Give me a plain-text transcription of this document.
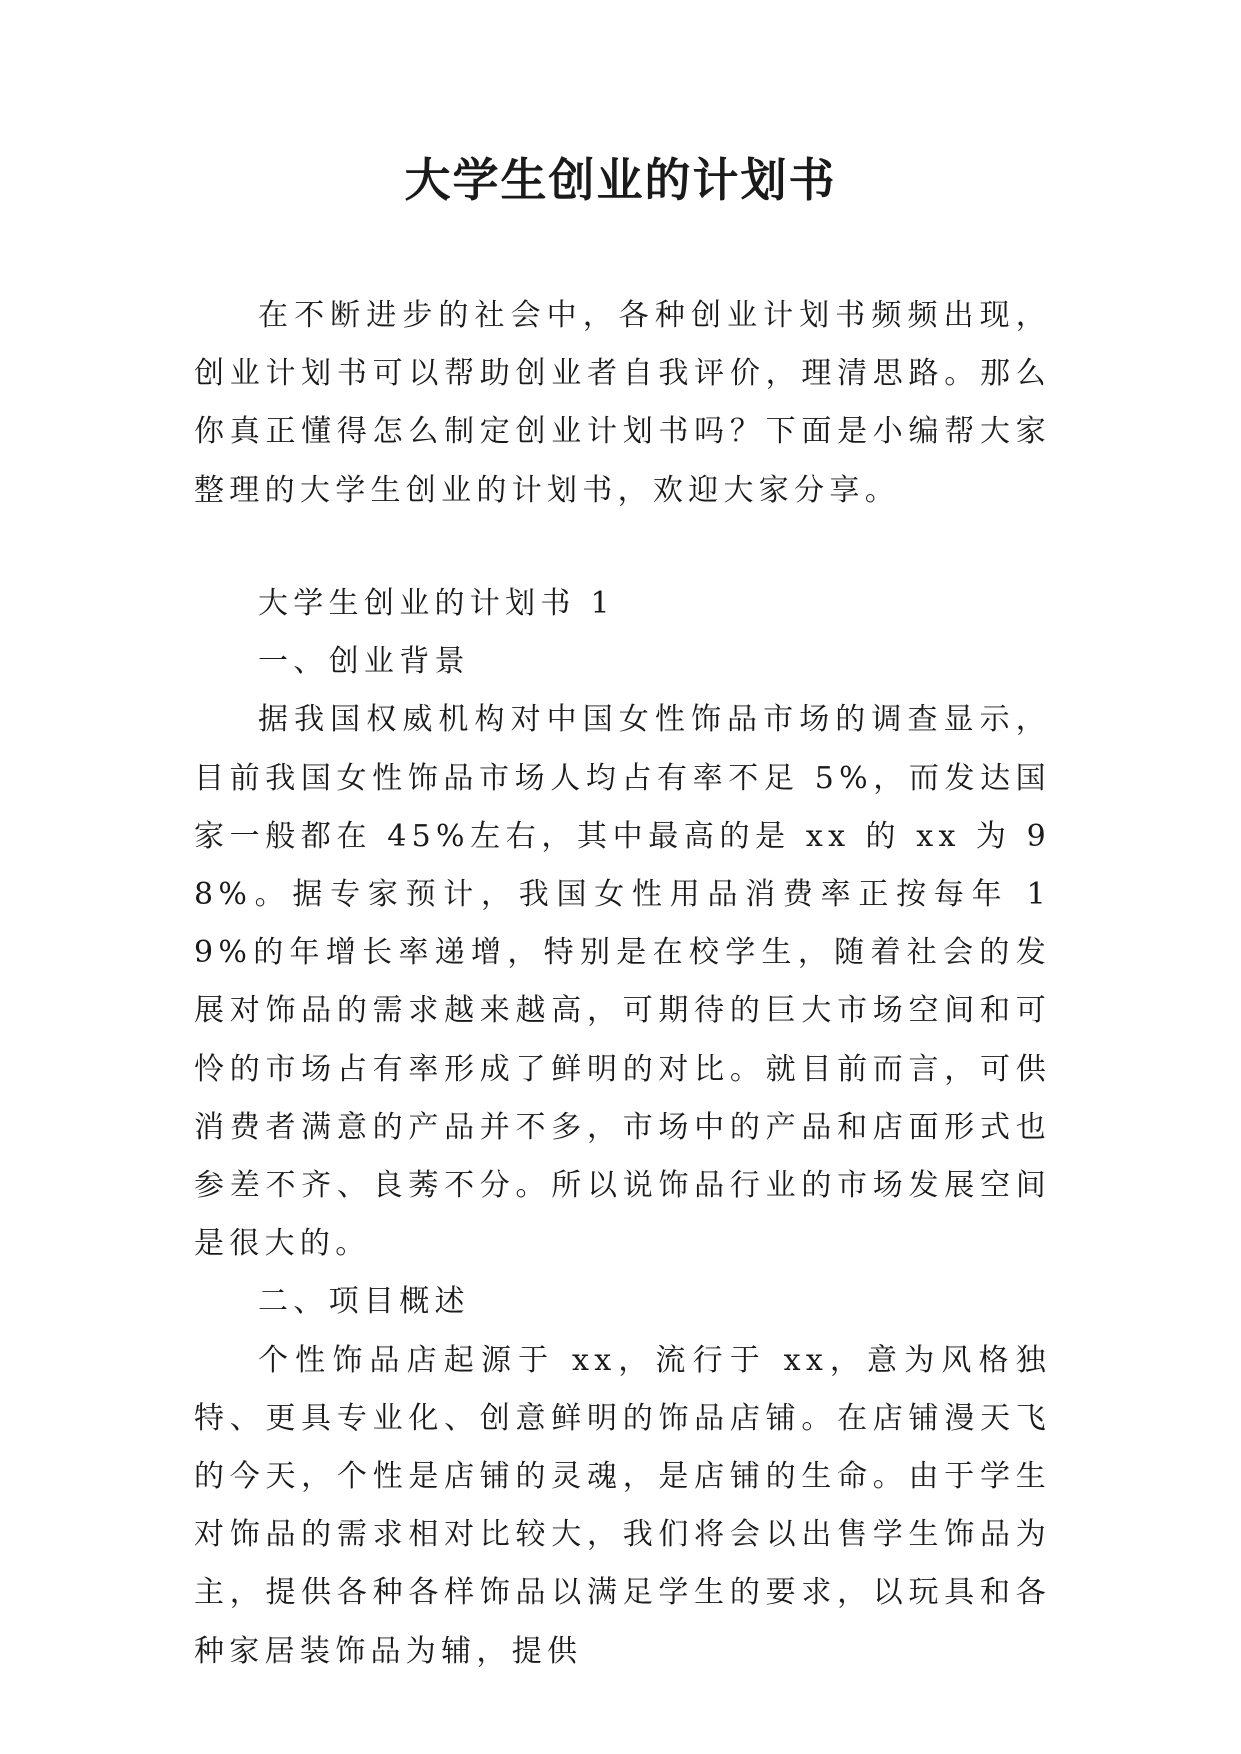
大学生创业的计划书

在不断进步的社会中，各种创业计划书频频出现，创业计划书可以帮助创业者自我评价，理清思路。那么你真正懂得怎么制定创业计划书吗？下面是小编帮大家整理的大学生创业的计划书，欢迎大家分享。

大学生创业的计划书 1

一、创业背景

据我国权威机构对中国女性饰品市场的调查显示，目前我国女性饰品市场人均占有率不足 5%，而发达国家一般都在 45%左右，其中最高的是 xx 的 xx 为 98%。据专家预计，我国女性用品消费率正按每年 19%的年增长率递增，特别是在校学生，随着社会的发展对饰品的需求越来越高，可期待的巨大市场空间和可怜的市场占有率形成了鲜明的对比。就目前而言，可供消费者满意的产品并不多，市场中的产品和店面形式也参差不齐、良莠不分。所以说饰品行业的市场发展空间是很大的。

二、项目概述

个性饰品店起源于 xx，流行于 xx，意为风格独特、更具专业化、创意鲜明的饰品店铺。在店铺漫天飞的今天，个性是店铺的灵魂，是店铺的生命。由于学生对饰品的需求相对比较大，我们将会以出售学生饰品为主，提供各种各样饰品以满足学生的要求，以玩具和各种家居装饰品为辅，提供
